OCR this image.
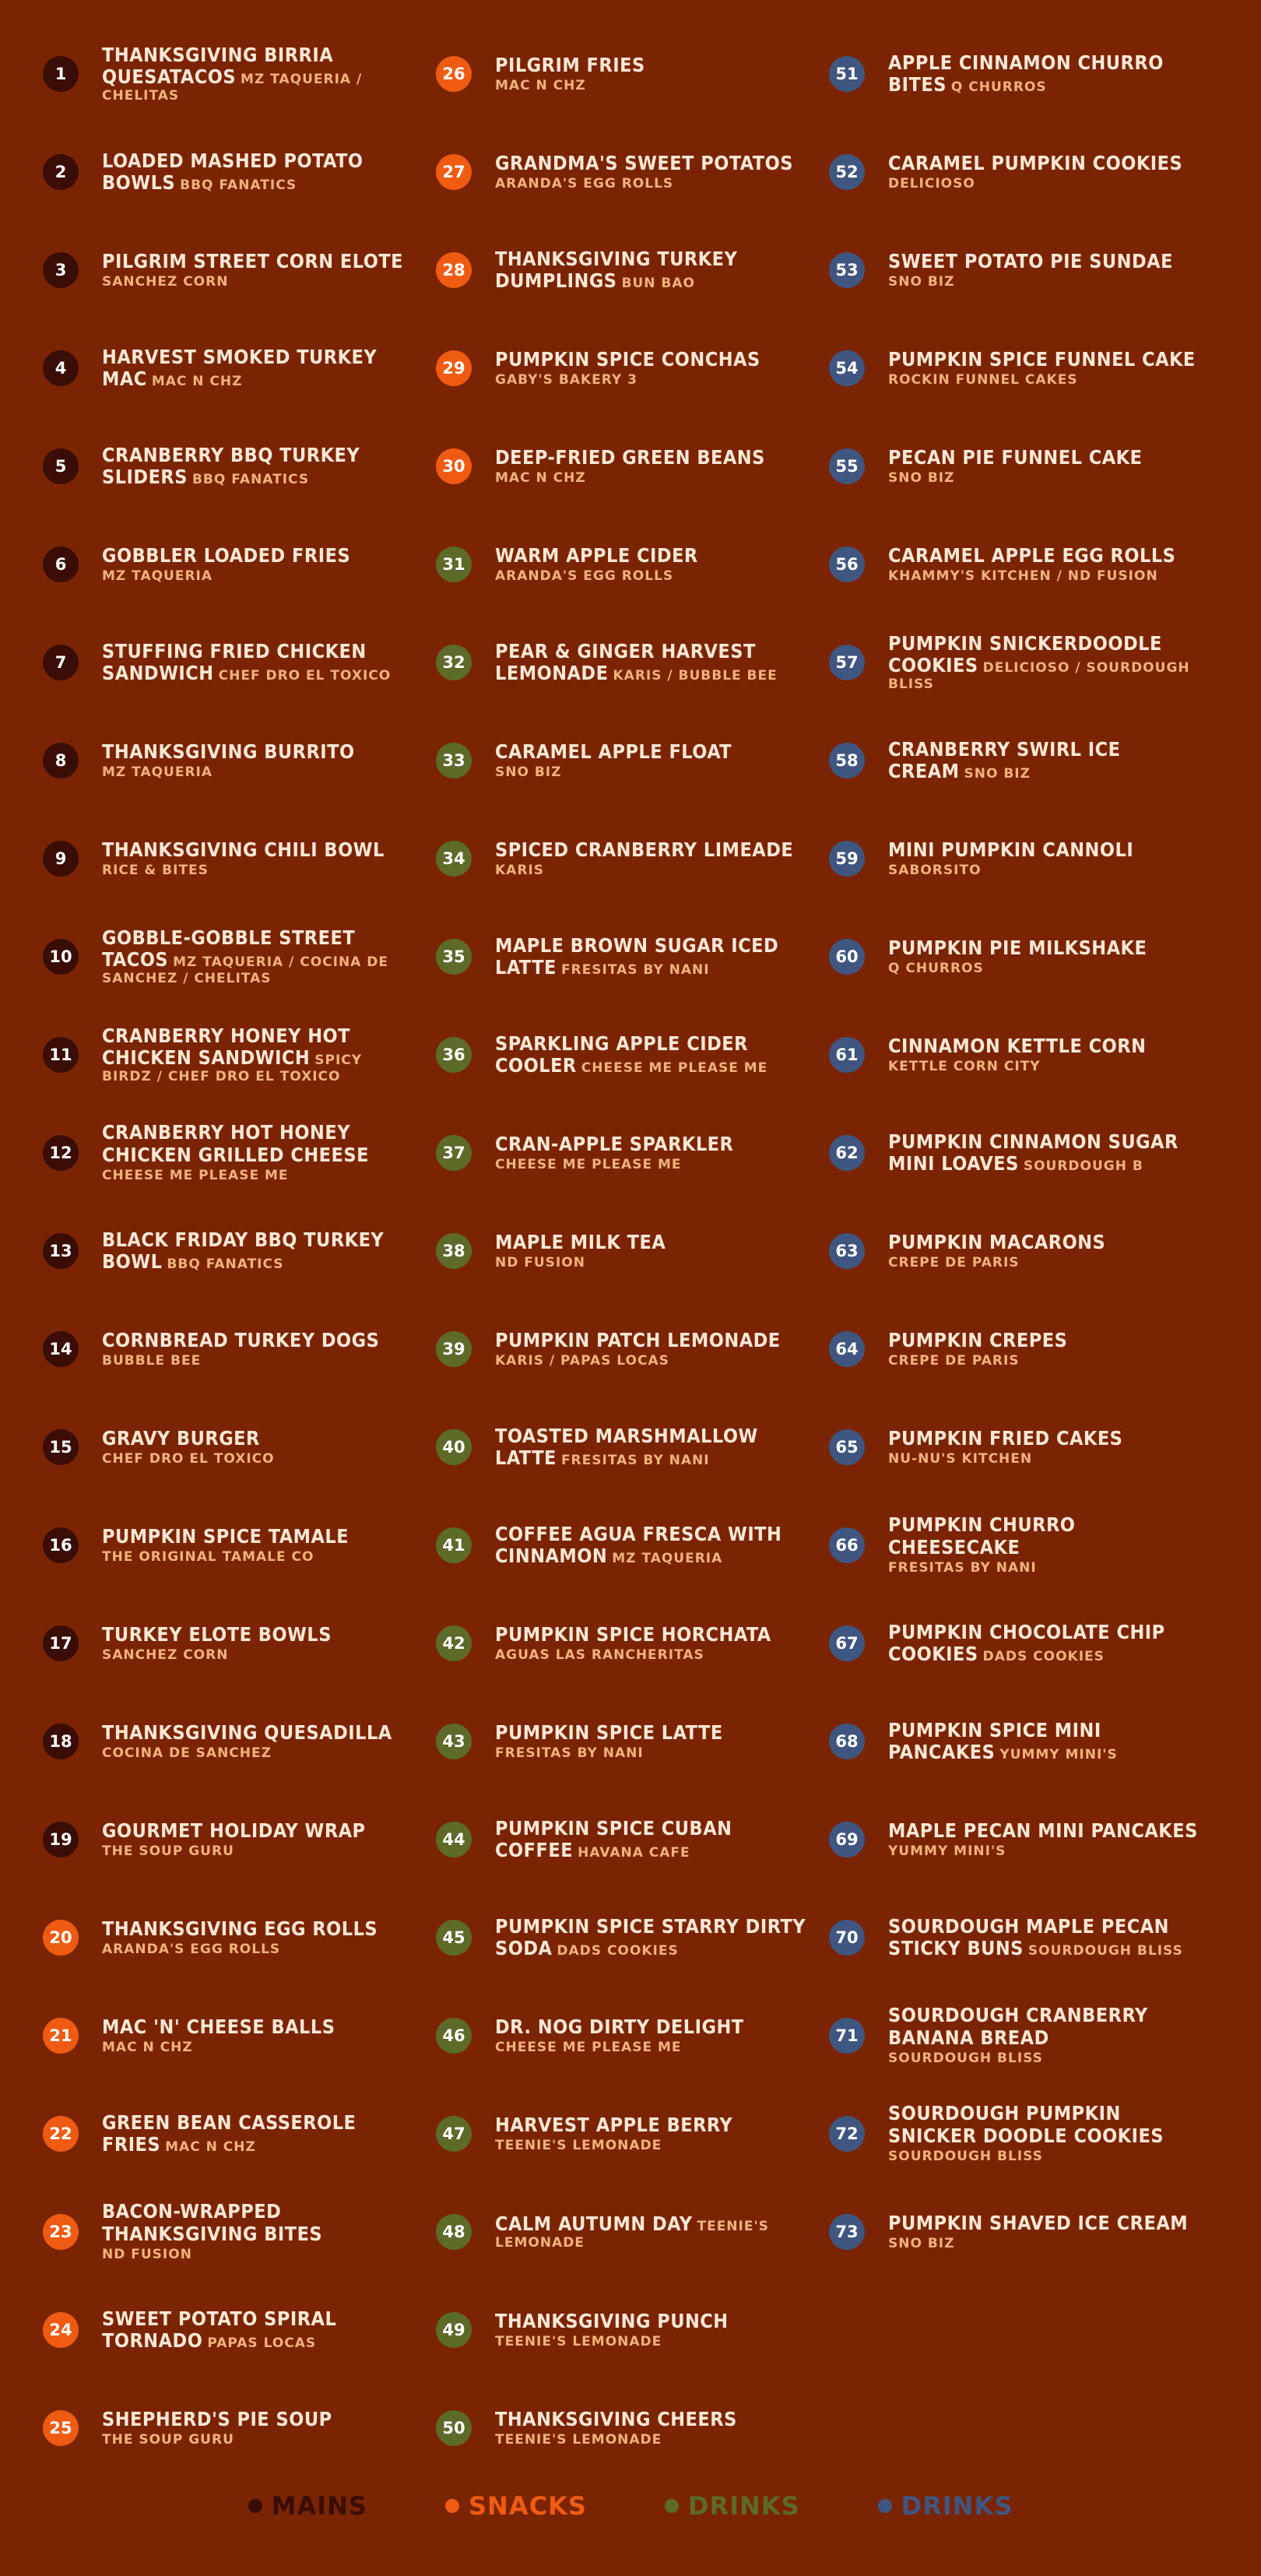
1
THANKSGIVING BIRRIA QUESATACOS MZ TAQUERIA / CHELITAS
2
LOADED MASHED POTATO BOWLS BBQ FANATICS
3	PILGRIM STREET CORN ELOTE
SANCHEZ CORN
4
HARVEST SMOKED TURKEY MAC MAC N CHZ
5
CRANBERRY BBQ TURKEY SLIDERS BBQ FANATICS
6	GOBBLER LOADED FRIES
MZ TAQUERIA
7
STUFFING FRIED CHICKEN SANDWICH CHEF DRO EL TOXICO
8	THANKSGIVING BURRITO
MZ TAQUERIA
9	THANKSGIVING CHILI BOWL
RICE & BITES
10
GOBBLE-GOBBLE STREET TACOS MZ TAQUERIA / COCINA DE SANCHEZ / CHELITAS
11
CRANBERRY HONEY HOT CHICKEN SANDWICH SPICY BIRDZ / CHEF DRO EL TOXICO
12
CRANBERRY HOT HONEY CHICKEN GRILLED CHEESE
CHEESE ME PLEASE ME
13
BLACK FRIDAY BBQ TURKEY BOWL BBQ FANATICS
14	CORNBREAD TURKEY DOGS
BUBBLE BEE
15	GRAVY BURGER
CHEF DRO EL TOXICO
16	PUMPKIN SPICE TAMALE
THE ORIGINAL TAMALE CO
17	TURKEY ELOTE BOWLS
SANCHEZ CORN
18	THANKSGIVING QUESADILLA
COCINA DE SANCHEZ
19	GOURMET HOLIDAY WRAP
THE SOUP GURU
20	THANKSGIVING EGG ROLLS
ARANDA'S EGG ROLLS
21	MAC 'N' CHEESE BALLS
MAC N CHZ
22
GREEN BEAN CASSEROLE FRIES MAC N CHZ
23
BACON-WRAPPED THANKSGIVING BITES
ND FUSION
24
SWEET POTATO SPIRAL TORNADO PAPAS LOCAS
25	SHEPHERD'S PIE SOUP
THE SOUP GURU
26	PILGRIM FRIES
MAC N CHZ
27	GRANDMA'S SWEET POTATOS
ARANDA'S EGG ROLLS
28
THANKSGIVING TURKEY DUMPLINGS BUN BAO
29	PUMPKIN SPICE CONCHAS
GABY'S BAKERY 3
30	DEEP-FRIED GREEN BEANS
MAC N CHZ
31	WARM APPLE CIDER
ARANDA'S EGG ROLLS
32
PEAR & GINGER HARVEST LEMONADE KARIS / BUBBLE BEE
33	CARAMEL APPLE FLOAT
SNO BIZ
34	SPICED CRANBERRY LIMEADE
KARIS
35
MAPLE BROWN SUGAR ICED LATTE FRESITAS BY NANI
36
SPARKLING APPLE CIDER COOLER CHEESE ME PLEASE ME
37	CRAN-APPLE SPARKLER
CHEESE ME PLEASE ME
38	MAPLE MILK TEA
ND FUSION
39	PUMPKIN PATCH LEMONADE
KARIS / PAPAS LOCAS
40
TOASTED MARSHMALLOW LATTE FRESITAS BY NANI
41
COFFEE AGUA FRESCA WITH CINNAMON MZ TAQUERIA
42	PUMPKIN SPICE HORCHATA
AGUAS LAS RANCHERITAS
43	PUMPKIN SPICE LATTE
FRESITAS BY NANI
44
PUMPKIN SPICE CUBAN COFFEE HAVANA CAFE
45
PUMPKIN SPICE STARRY DIRTY SODA DADS COOKIES
46	DR. NOG DIRTY DELIGHT
CHEESE ME PLEASE ME
47	HARVEST APPLE BERRY
TEENIE'S LEMONADE
48	CALM AUTUMN DAY TEENIE'S LEMONADE
49	THANKSGIVING PUNCH
TEENIE'S LEMONADE
50	THANKSGIVING CHEERS
TEENIE'S LEMONADE
51
APPLE CINNAMON CHURRO BITES Q CHURROS
52	CARAMEL PUMPKIN COOKIES
DELICIOSO
53	SWEET POTATO PIE SUNDAE
SNO BIZ
54	PUMPKIN SPICE FUNNEL CAKE
ROCKIN FUNNEL CAKES
55	PECAN PIE FUNNEL CAKE
SNO BIZ
56	CARAMEL APPLE EGG ROLLS
KHAMMY'S KITCHEN / ND FUSION
57
PUMPKIN SNICKERDOODLE COOKIES DELICIOSO / SOURDOUGH BLISS
58
CRANBERRY SWIRL ICE CREAM SNO BIZ
59	MINI PUMPKIN CANNOLI
SABORSITO
60	PUMPKIN PIE MILKSHAKE
Q CHURROS
61	CINNAMON KETTLE CORN
KETTLE CORN CITY
62
PUMPKIN CINNAMON SUGAR MINI LOAVES SOURDOUGH B
63	PUMPKIN MACARONS
CREPE DE PARIS
64	PUMPKIN CREPES
CREPE DE PARIS
65	PUMPKIN FRIED CAKES
NU-NU'S KITCHEN
66
PUMPKIN CHURRO CHEESECAKE
FRESITAS BY NANI
67
PUMPKIN CHOCOLATE CHIP COOKIES DADS COOKIES
68
PUMPKIN SPICE MINI PANCAKES YUMMY MINI'S
69	MAPLE PECAN MINI PANCAKES
YUMMY MINI'S
70
SOURDOUGH MAPLE PECAN STICKY BUNS SOURDOUGH BLISS
71
SOURDOUGH CRANBERRY BANANA BREAD
SOURDOUGH BLISS
72
SOURDOUGH PUMPKIN SNICKER DOODLE COOKIES
SOURDOUGH BLISS
73	PUMPKIN SHAVED ICE CREAM
SNO BIZ
MAINS	SNACKS	DRINKS	DRINKS
